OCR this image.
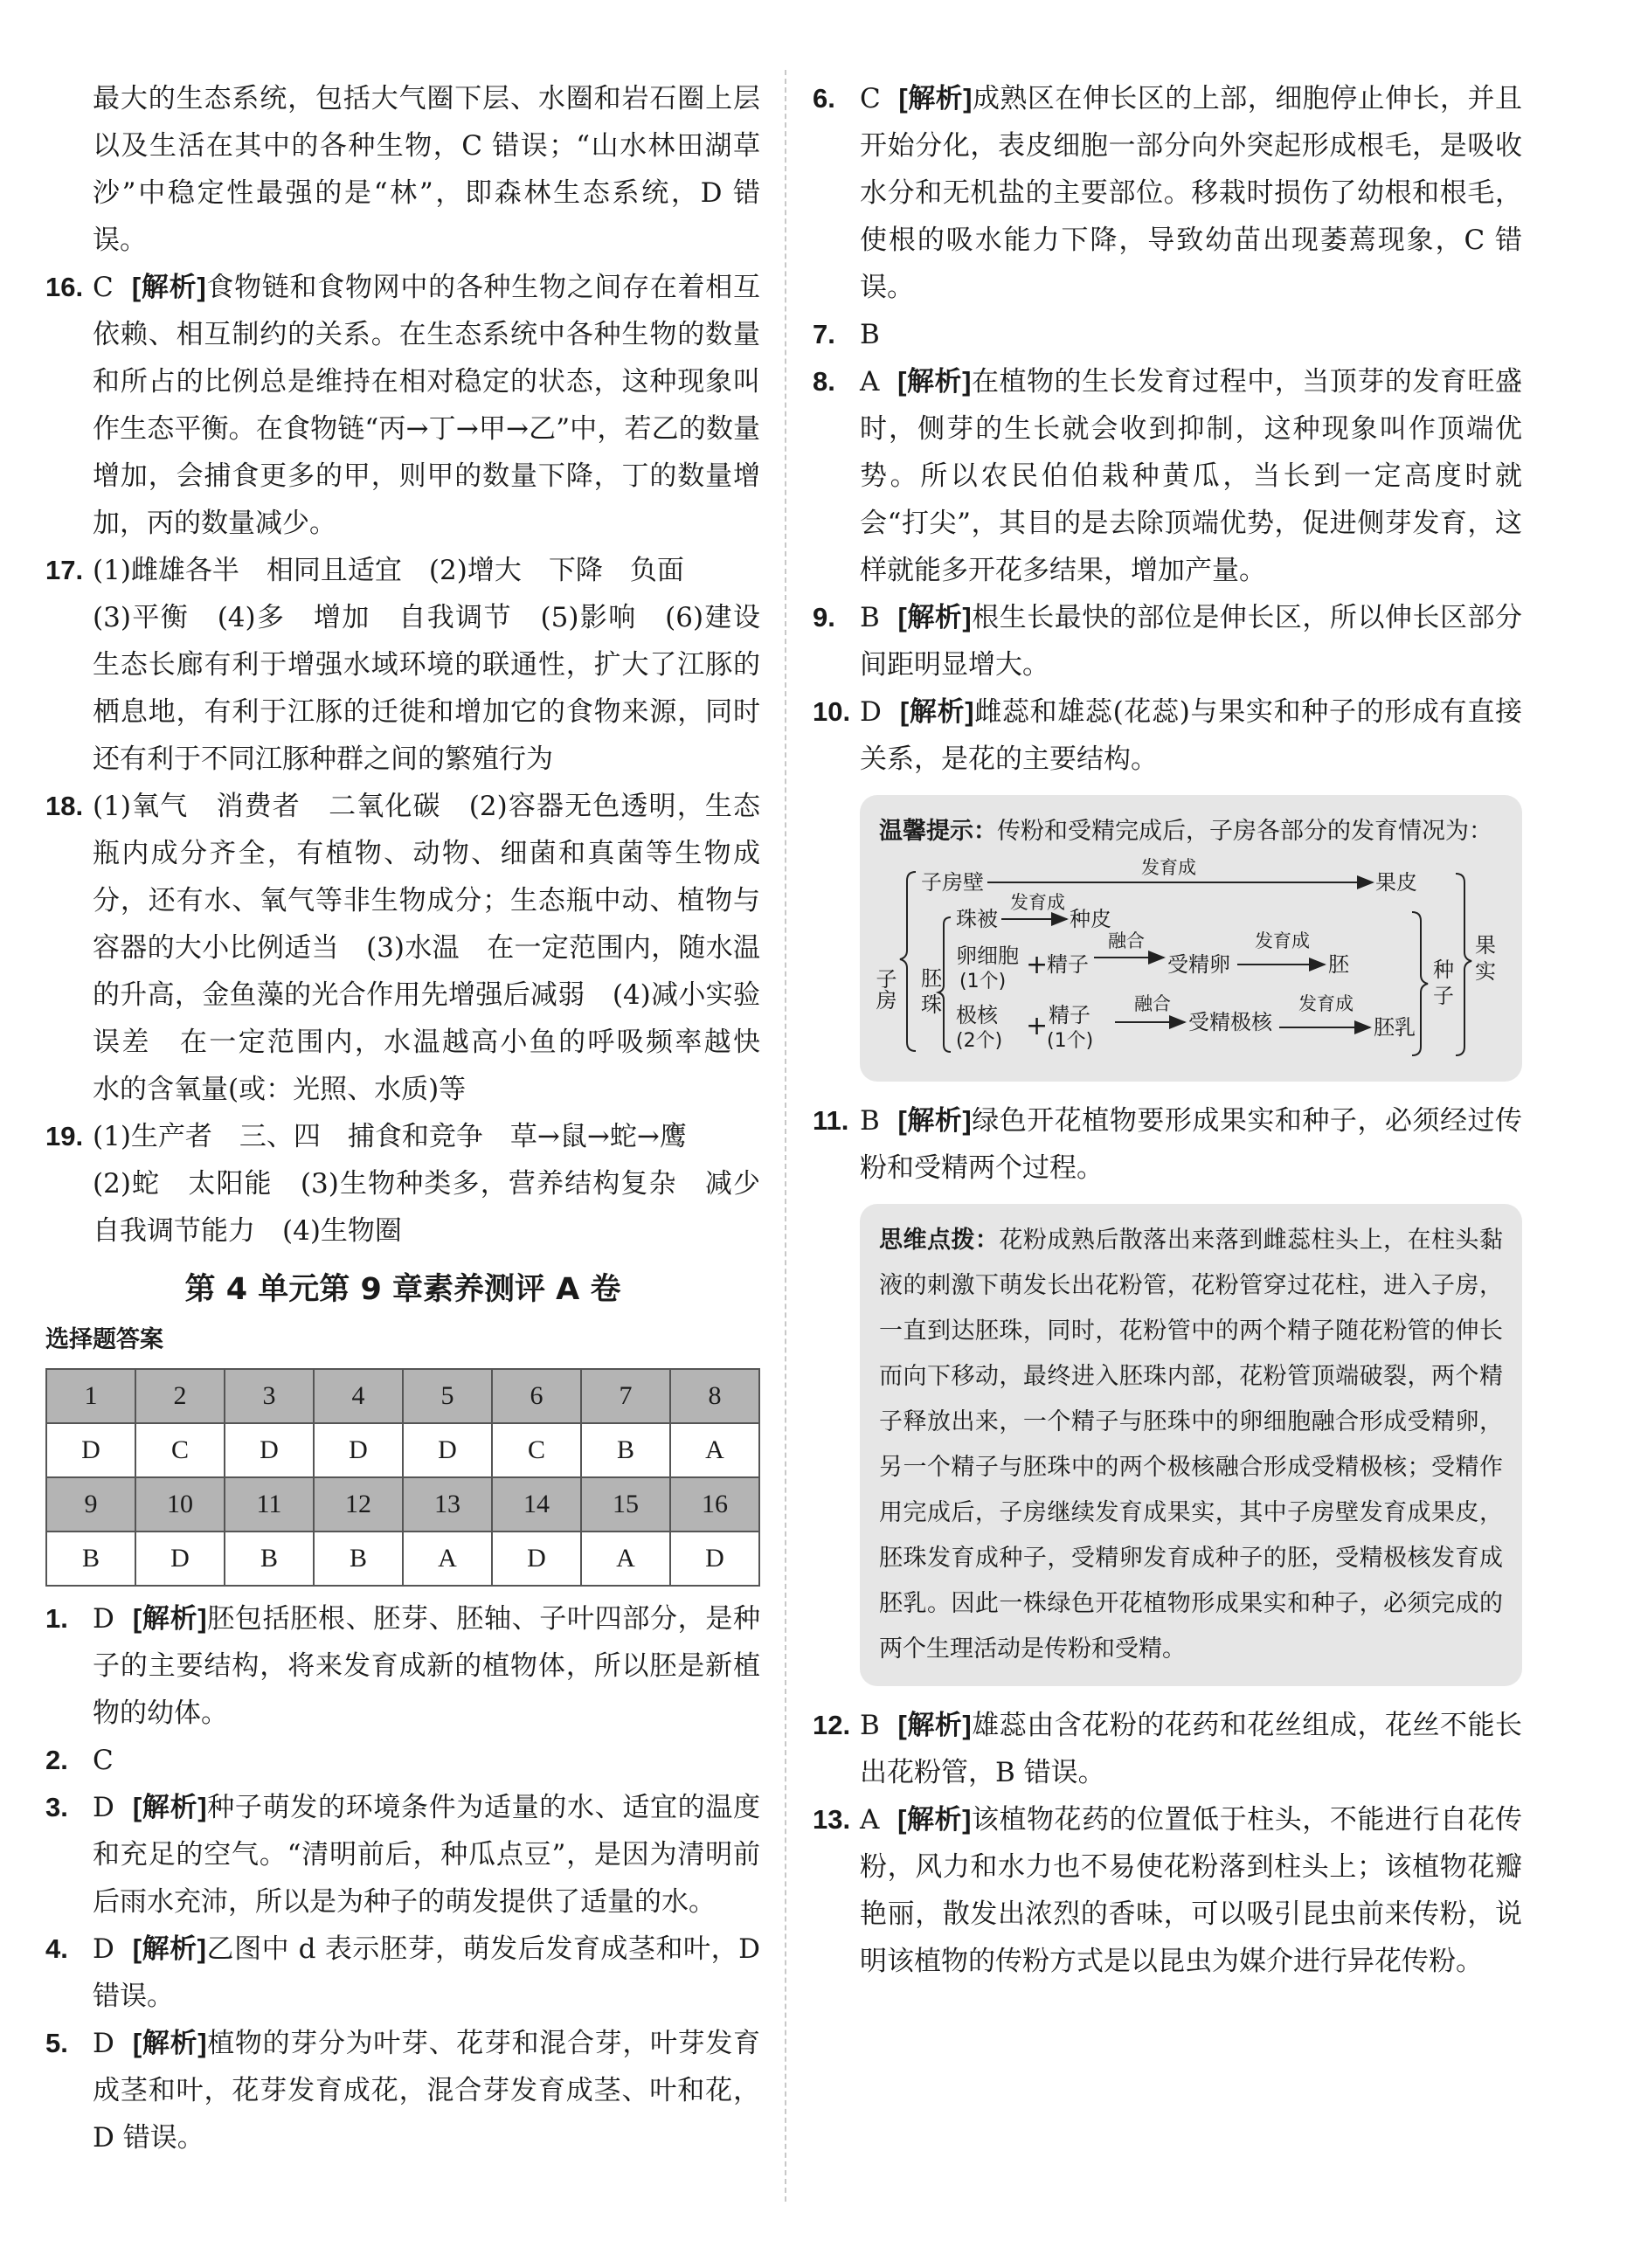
最大的生态系统，包括大气圈下层、水圈和岩石圈上层以及生活在其中的各种生物，C 错误；“山水林田湖草沙”中稳定性最强的是“林”，即森林生态系统，D 错误。
16. C [解析]食物链和食物网中的各种生物之间存在着相互依赖、相互制约的关系。在生态系统中各种生物的数量和所占的比例总是维持在相对稳定的状态，这种现象叫作生态平衡。在食物链“丙→丁→甲→乙”中，若乙的数量增加，会捕食更多的甲，则甲的数量下降，丁的数量增加，丙的数量减少。
17. (1)雌雄各半　相同且适宜　(2)增大　下降　负面
(3)平衡　(4)多　增加　自我调节　(5)影响　(6)建设生态长廊有利于增强水域环境的联通性，扩大了江豚的栖息地，有利于江豚的迁徙和增加它的食物来源，同时还有利于不同江豚种群之间的繁殖行为
18. (1)氧气　消费者　二氧化碳　(2)容器无色透明，生态瓶内成分齐全，有植物、动物、细菌和真菌等生物成分，还有水、氧气等非生物成分；生态瓶中动、植物与容器的大小比例适当　(3)水温　在一定范围内，随水温的升高，金鱼藻的光合作用先增强后减弱　(4)减小实验误差　在一定范围内，水温越高小鱼的呼吸频率越快　水的含氧量(或：光照、水质)等
19. (1)生产者　三、四　捕食和竞争　草→鼠→蛇→鹰
(2)蛇　太阳能　(3)生物种类多，营养结构复杂　减少自我调节能力　(4)生物圈
第 4 单元第 9 章素养测评 A 卷
选择题答案
1	2	3	4	5	6	7	8
D	C	D	D	D	C	B	A
9	10	11	12	13	14	15	16
B	D	B	B	A	D	A	D
1. D [解析]胚包括胚根、胚芽、胚轴、子叶四部分，是种子的主要结构，将来发育成新的植物体，所以胚是新植物的幼体。
2. C
3. D [解析]种子萌发的环境条件为适量的水、适宜的温度和充足的空气。“清明前后，种瓜点豆”，是因为清明前后雨水充沛，所以是为种子的萌发提供了适量的水。
4. D [解析]乙图中 d 表示胚芽，萌发后发育成茎和叶，D 错误。
5. D [解析]植物的芽分为叶芽、花芽和混合芽，叶芽发育成茎和叶，花芽发育成花，混合芽发育成茎、叶和花，D 错误。
6. C [解析]成熟区在伸长区的上部，细胞停止伸长，并且开始分化，表皮细胞一部分向外突起形成根毛，是吸收水分和无机盐的主要部位。移栽时损伤了幼根和根毛，使根的吸水能力下降，导致幼苗出现萎蔫现象，C 错误。
7. B
8. A [解析]在植物的生长发育过程中，当顶芽的发育旺盛时，侧芽的生长就会收到抑制，这种现象叫作顶端优势。所以农民伯伯栽种黄瓜，当长到一定高度时就会“打尖”，其目的是去除顶端优势，促进侧芽发育，这样就能多开花多结果，增加产量。
9. B [解析]根生长最快的部位是伸长区，所以伸长区部分间距明显增大。
10. D [解析]雌蕊和雄蕊(花蕊)与果实和种子的形成有直接关系，是花的主要结构。
温馨提示：传粉和受精完成后，子房各部分的发育情况为：
子房
子房壁
发育成
果皮
胚
珠
珠被
发育成
种皮
卵细胞
(1个)
+
精子
融合
受精卵
发育成
胚
极核
(2个) + 精子
(1个)
融合
受精极核
发育成
胚乳
种
子
果
实
11. B [解析]绿色开花植物要形成果实和种子，必须经过传粉和受精两个过程。
思维点拨：花粉成熟后散落出来落到雌蕊柱头上，在柱头黏液的刺激下萌发长出花粉管，花粉管穿过花柱，进入子房，一直到达胚珠，同时，花粉管中的两个精子随花粉管的伸长而向下移动，最终进入胚珠内部，花粉管顶端破裂，两个精子释放出来，一个精子与胚珠中的卵细胞融合形成受精卵，另一个精子与胚珠中的两个极核融合形成受精极核；受精作用完成后，子房继续发育成果实，其中子房壁发育成果皮，胚珠发育成种子，受精卵发育成种子的胚，受精极核发育成胚乳。因此一株绿色开花植物形成果实和种子，必须完成的两个生理活动是传粉和受精。
12. B [解析]雄蕊由含花粉的花药和花丝组成，花丝不能长出花粉管，B 错误。
13. A [解析]该植物花药的位置低于柱头，不能进行自花传粉，风力和水力也不易使花粉落到柱头上；该植物花瓣艳丽，散发出浓烈的香味，可以吸引昆虫前来传粉，说明该植物的传粉方式是以昆虫为媒介进行异花传粉。
